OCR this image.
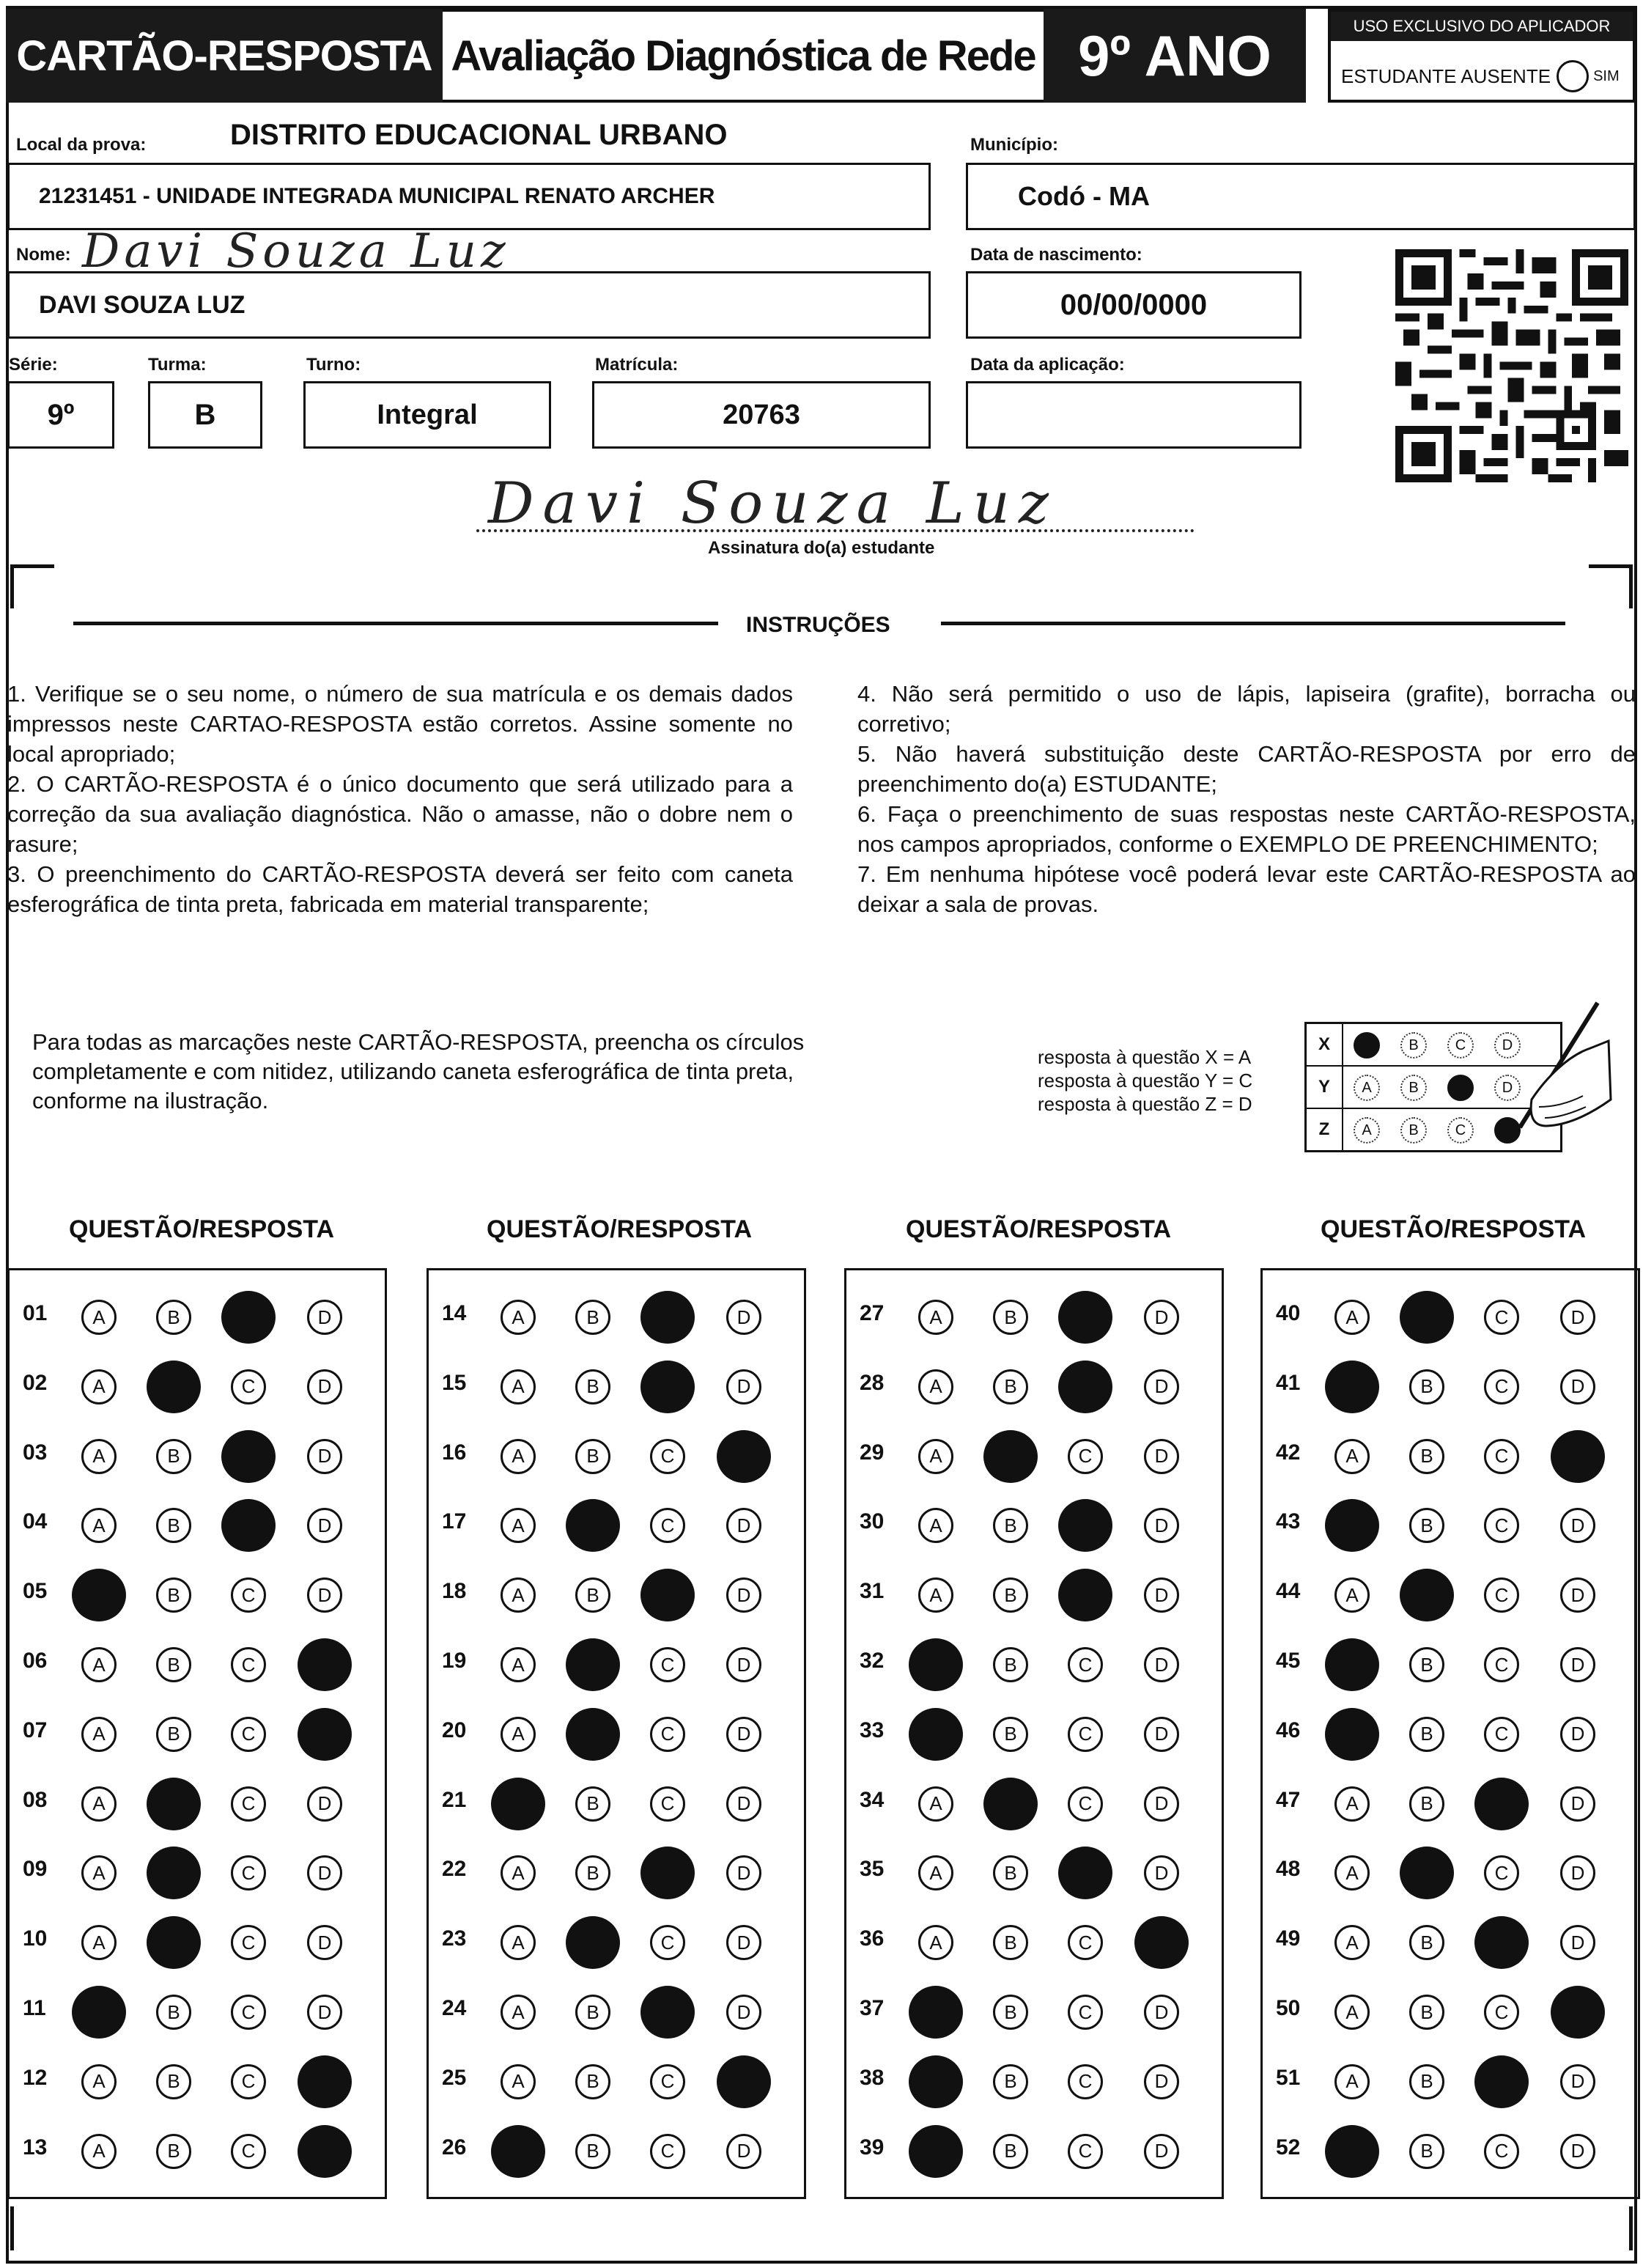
CARTÃO-RESPOSTA Avaliação Diagnóstica de Rede 9º ANO	USO EXCLUSIVO DO APLICADOR
ESTUDANTE AUSENTE	SIM
Local da prova:	DISTRITO EDUCACIONAL URBANO
21231451 - UNIDADE INTEGRADA MUNICIPAL RENATO ARCHER
Município:
Codó - MA
Nome: Davi Souza Luz
DAVI SOUZA LUZ
Data de nascimento:
00/00/0000
Série:
9º
Turma:
B
Turno:
Integral
Matrícula:
20763
Data da aplicação:
Davi Souza Luz
Assinatura do(a) estudante
INSTRUÇÕES

1. Verifique se o seu nome, o número de sua matrícula e os demais dados impressos neste CARTAO-RESPOSTA estão corretos. Assine somente no local apropriado;

2. O CARTÃO-RESPOSTA é o único documento que será utilizado para a correção da sua avaliação diagnóstica. Não o amasse, não o dobre nem o rasure;

3. O preenchimento do CARTÃO-RESPOSTA deverá ser feito com caneta esferográfica de tinta preta, fabricada em material transparente;

4. Não será permitido o uso de lápis, lapiseira (grafite), borracha ou corretivo;

5. Não haverá substituição deste CARTÃO-RESPOSTA por erro de preenchimento do(a) ESTUDANTE;

6. Faça o preenchimento de suas respostas neste CARTÃO-RESPOSTA, nos campos apropriados, conforme o EXEMPLO DE PREENCHIMENTO;

7. Em nenhuma hipótese você poderá levar este CARTÃO-RESPOSTA ao deixar a sala de provas.

Para todas as marcações neste CARTÃO-RESPOSTA, preencha os círculos completamente e com nitidez, utilizando caneta esferográfica de tinta preta, conforme na ilustração.
resposta à questão X = A
resposta à questão Y = C
resposta à questão Z = D
X	B	C	D
Y	A	B	D
Z	A	B	C
QUESTÃO/RESPOSTA	QUESTÃO/RESPOSTA	QUESTÃO/RESPOSTA	QUESTÃO/RESPOSTA
01	A	B	D
02	A	C	D
03	A	B	D
04	A	B	D
05	B	C	D
06	A	B	C
07	A	B	C
08	A	C	D
09	A	C	D
10	A	C	D
11	B	C	D
12	A	B	C
13	A	B	C
14	A	B	D
15	A	B	D
16	A	B	C
17	A	C	D
18	A	B	D
19	A	C	D
20	A	C	D
21	B	C	D
22	A	B	D
23	A	C	D
24	A	B	D
25	A	B	C
26	B	C	D
27	A	B	D
28	A	B	D
29	A	C	D
30	A	B	D
31	A	B	D
32	B	C	D
33	B	C	D
34	A	C	D
35	A	B	D
36	A	B	C
37	B	C	D
38	B	C	D
39	B	C	D
40	A	C	D
41	B	C	D
42	A	B	C
43	B	C	D
44	A	C	D
45	B	C	D
46	B	C	D
47	A	B	D
48	A	C	D
49	A	B	D
50	A	B	C
51	A	B	D
52	B	C	D
